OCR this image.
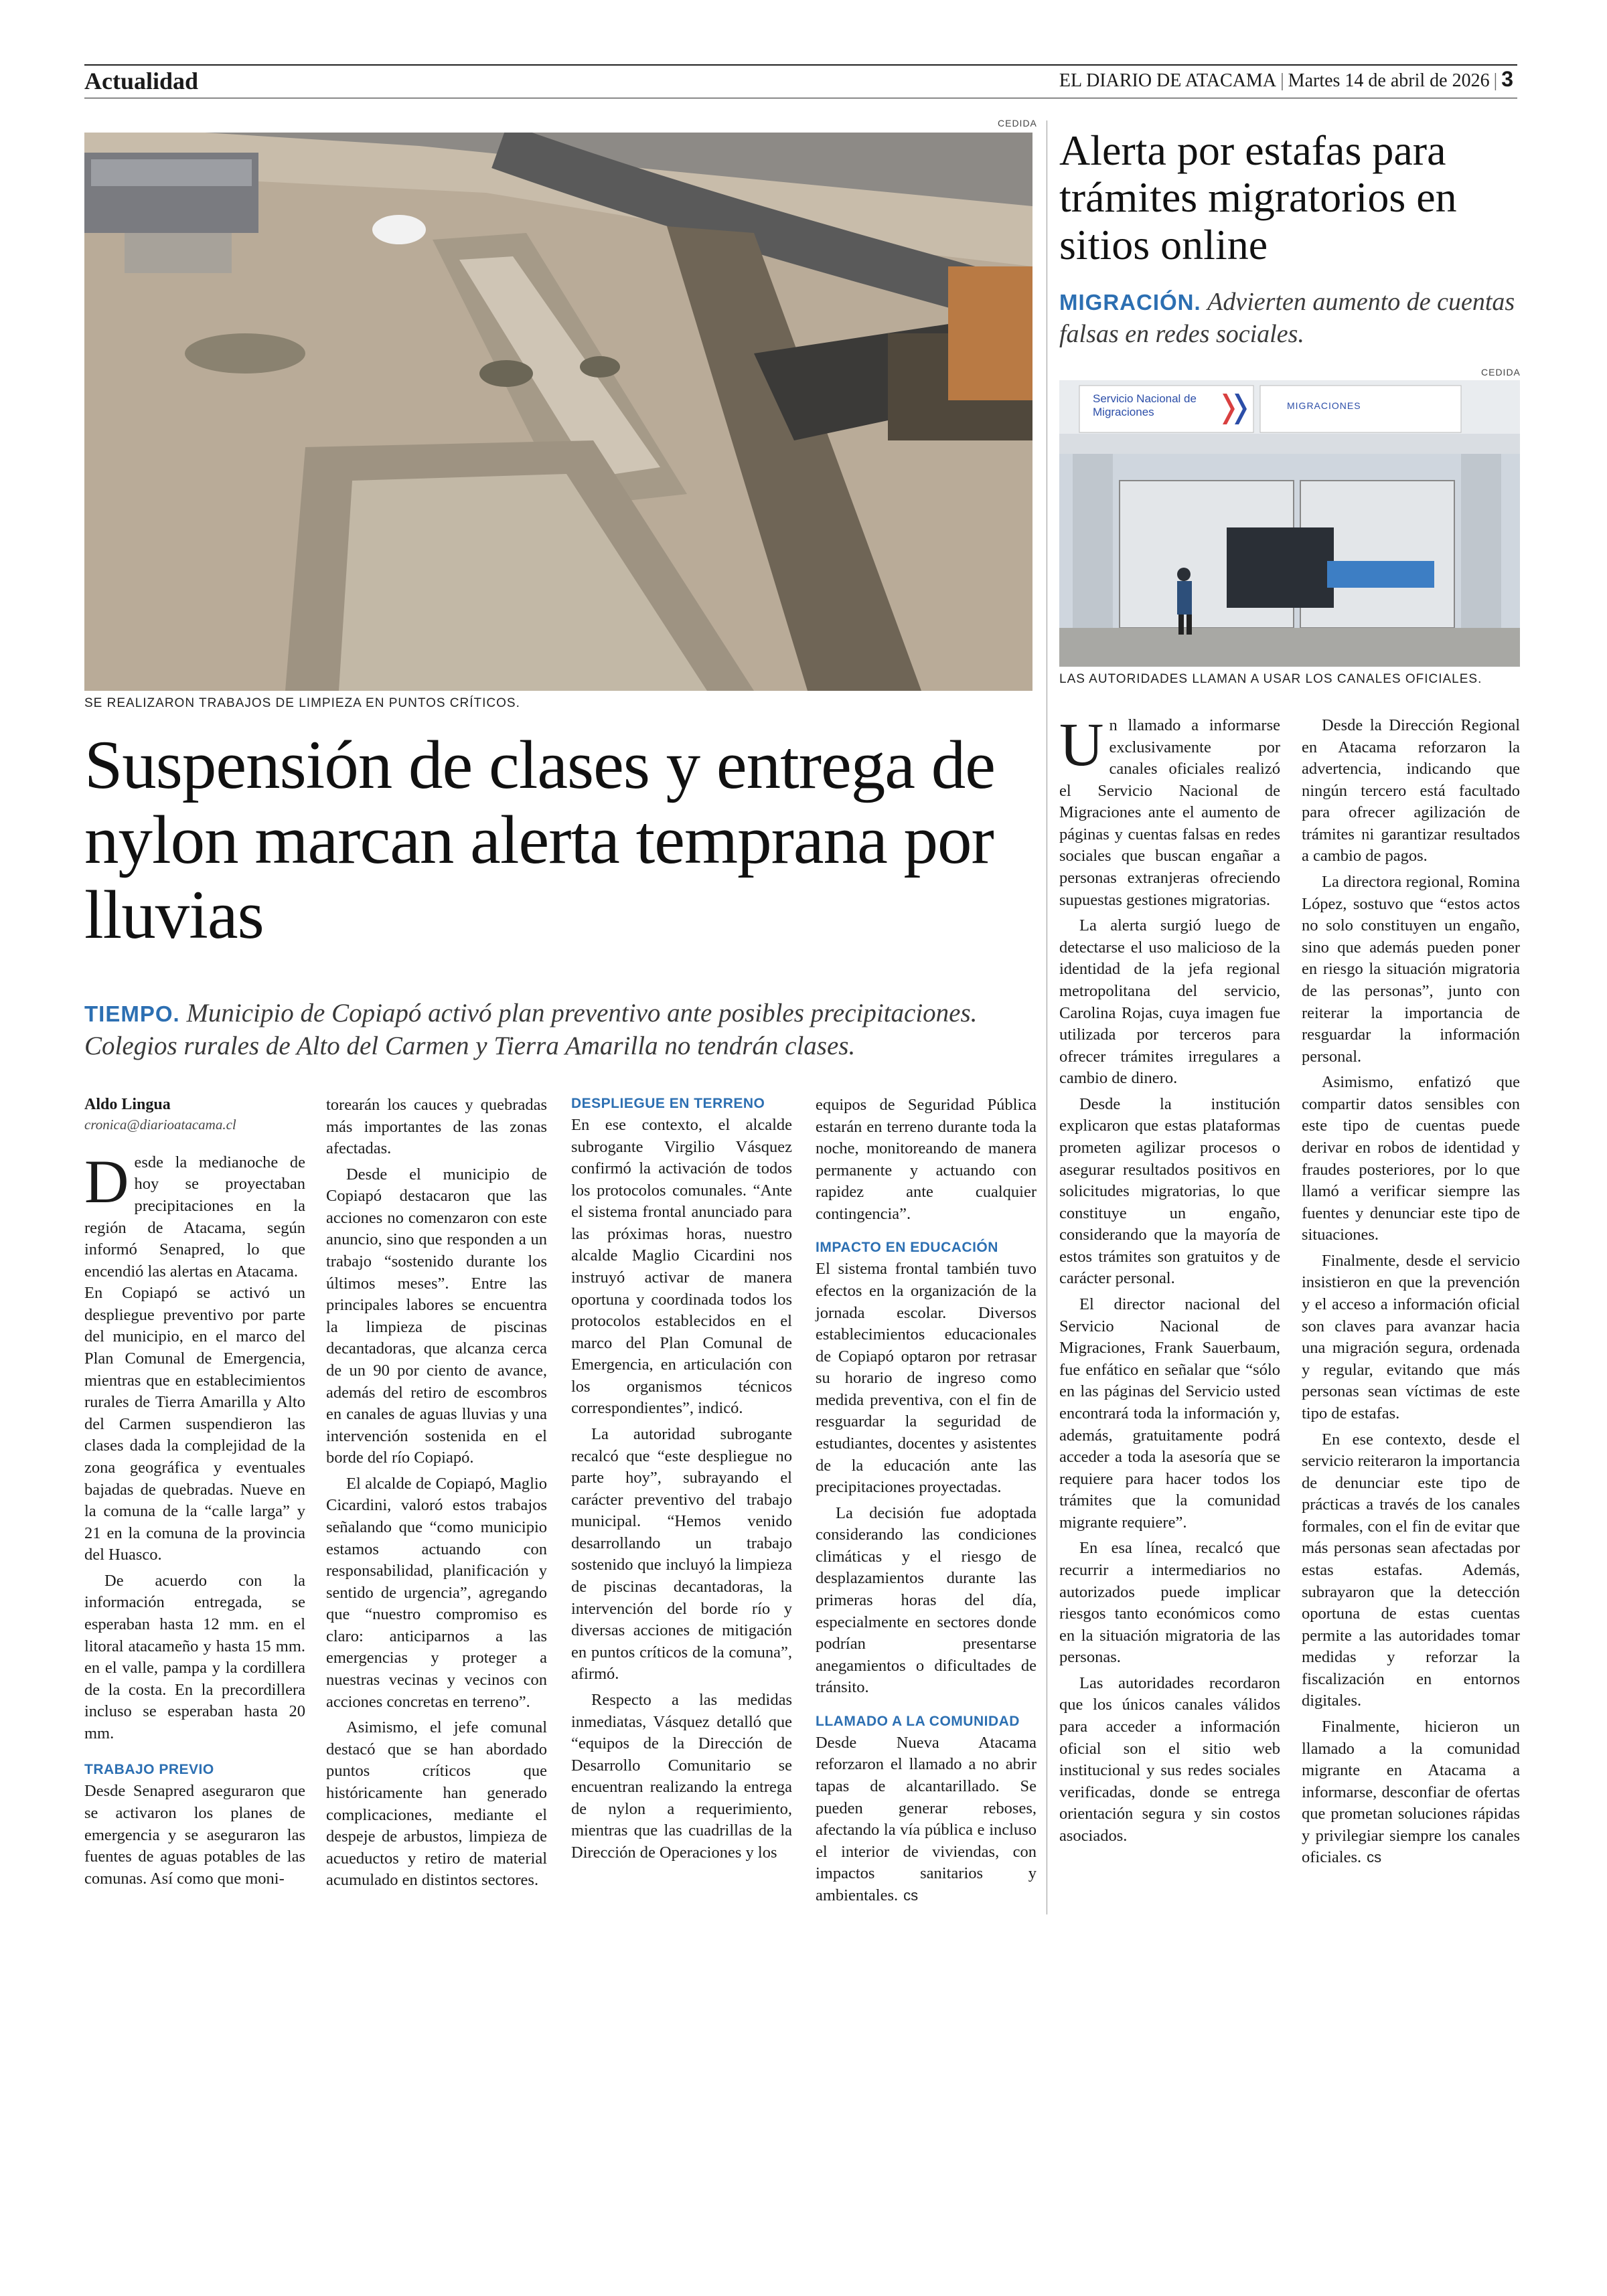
Actualidad	EL DIARIO DE ATACAMA | Martes 14 de abril de 2026 | 3
CEDIDA
SE REALIZARON TRABAJOS DE LIMPIEZA EN PUNTOS CRÍTICOS.
Suspensión de clases y entrega de nylon marcan alerta temprana por lluvias
TIEMPO. Municipio de Copiapó activó plan preventivo ante posibles precipitaciones.
Colegios rurales de Alto del Carmen y Tierra Amarilla no tendrán clases.
Aldo Lingua
cronica@diarioatacama.cl

Desde la medianoche de hoy se proyectaban precipitaciones en la región de Atacama, según informó Senapred, lo que encendió las alertas en Atacama.

En Copiapó se activó un despliegue preventivo por parte del municipio, en el marco del Plan Comunal de Emergencia, mientras que en establecimientos rurales de Tierra Amarilla y Alto del Carmen suspendieron las clases dada la complejidad de la zona geográfica y eventuales bajadas de quebradas. Nueve en la comuna de la “calle larga” y 21 en la comuna de la provincia del Huasco.

De acuerdo con la información entregada, se esperaban hasta 12 mm. en el litoral atacameño y hasta 15 mm. en el valle, pampa y la cordillera de la costa. En la precordillera incluso se esperaban hasta 20 mm.

TRABAJO PREVIO

Desde Senapred aseguraron que se activaron los planes de emergencia y se aseguraron las fuentes de aguas potables de las comunas. Así como que moni-

torearán los cauces y quebradas más importantes de las zonas afectadas.

Desde el municipio de Copiapó destacaron que las acciones no comenzaron con este anuncio, sino que responden a un trabajo “sostenido durante los últimos meses”. Entre las principales labores se encuentra la limpieza de piscinas decantadoras, que alcanza cerca de un 90 por ciento de avance, además del retiro de escombros en canales de aguas lluvias y una intervención sostenida en el borde del río Copiapó.

El alcalde de Copiapó, Maglio Cicardini, valoró estos trabajos señalando que “como municipio estamos actuando con responsabilidad, planificación y sentido de urgencia”, agregando que “nuestro compromiso es claro: anticiparnos a las emergencias y proteger a nuestras vecinas y vecinos con acciones concretas en terreno”.

Asimismo, el jefe comunal destacó que se han abordado puntos críticos que históricamente han generado complicaciones, mediante el despeje de arbustos, limpieza de acueductos y retiro de material acumulado en distintos sectores.

DESPLIEGUE EN TERRENO

En ese contexto, el alcalde subrogante Virgilio Vásquez confirmó la activación de todos los protocolos comunales. “Ante el sistema frontal anunciado para las próximas horas, nuestro alcalde Maglio Cicardini nos instruyó activar de manera oportuna y coordinada todos los protocolos establecidos en el marco del Plan Comunal de Emergencia, en articulación con los organismos técnicos correspondientes”, indicó.

La autoridad subrogante recalcó que “este despliegue no parte hoy”, subrayando el carácter preventivo del trabajo municipal. “Hemos venido desarrollando un trabajo sostenido que incluyó la limpieza de piscinas decantadoras, la intervención del borde río y diversas acciones de mitigación en puntos críticos de la comuna”, afirmó.

Respecto a las medidas inmediatas, Vásquez detalló que “equipos de la Dirección de Desarrollo Comunitario se encuentran realizando la entrega de nylon a requerimiento, mientras que las cuadrillas de la Dirección de Operaciones y los

equipos de Seguridad Pública estarán en terreno durante toda la noche, monitoreando de manera permanente y actuando con rapidez ante cualquier contingencia”.

IMPACTO EN EDUCACIÓN

El sistema frontal también tuvo efectos en la organización de la jornada escolar. Diversos establecimientos educacionales de Copiapó optaron por retrasar su horario de ingreso como medida preventiva, con el fin de resguardar la seguridad de estudiantes, docentes y asistentes de la educación ante las precipitaciones proyectadas.

La decisión fue adoptada considerando las condiciones climáticas y el riesgo de desplazamientos durante las primeras horas del día, especialmente en sectores donde podrían presentarse anegamientos o dificultades de tránsito.

LLAMADO A LA COMUNIDAD

Desde Nueva Atacama reforzaron el llamado a no abrir tapas de alcantarillado. Se pueden generar reboses, afectando la vía pública e incluso el interior de viviendas, con impactos sanitarios y ambientales. cs

Alerta por estafas para trámites migratorios en sitios online
MIGRACIÓN. Advierten aumento de cuentas falsas en redes sociales.
CEDIDA
Servicio Nacional de Migraciones
MIGRACIONES
LAS AUTORIDADES LLAMAN A USAR LOS CANALES OFICIALES.

Un llamado a informarse exclusivamente por canales oficiales realizó el Servicio Nacional de Migraciones ante el aumento de páginas y cuentas falsas en redes sociales que buscan engañar a personas extranjeras ofreciendo supuestas gestiones migratorias.

La alerta surgió luego de detectarse el uso malicioso de la identidad de la jefa regional metropolitana del servicio, Carolina Rojas, cuya imagen fue utilizada por terceros para ofrecer trámites irregulares a cambio de dinero.

Desde la institución explicaron que estas plataformas prometen agilizar procesos o asegurar resultados positivos en solicitudes migratorias, lo que constituye un engaño, considerando que la mayoría de estos trámites son gratuitos y de carácter personal.

El director nacional del Servicio Nacional de Migraciones, Frank Sauerbaum, fue enfático en señalar que “sólo en las páginas del Servicio usted encontrará toda la información y, además, gratuitamente podrá acceder a toda la asesoría que se requiere para hacer todos los trámites que la comunidad migrante requiere”.

En esa línea, recalcó que recurrir a intermediarios no autorizados puede implicar riesgos tanto económicos como en la situación migratoria de las personas.

Las autoridades recordaron que los únicos canales válidos para acceder a información oficial son el sitio web institucional y sus redes sociales verificadas, donde se entrega orientación segura y sin costos asociados.

Desde la Dirección Regional en Atacama reforzaron la advertencia, indicando que ningún tercero está facultado para ofrecer agilización de trámites ni garantizar resultados a cambio de pagos.

La directora regional, Romina López, sostuvo que “estos actos no solo constituyen un engaño, sino que además pueden poner en riesgo la situación migratoria de las personas”, junto con reiterar la importancia de resguardar la información personal.

Asimismo, enfatizó que compartir datos sensibles con este tipo de cuentas puede derivar en robos de identidad y fraudes posteriores, por lo que llamó a verificar siempre las fuentes y denunciar este tipo de situaciones.

Finalmente, desde el servicio insistieron en que la prevención y el acceso a información oficial son claves para avanzar hacia una migración segura, ordenada y regular, evitando que más personas sean víctimas de este tipo de estafas.

En ese contexto, desde el servicio reiteraron la importancia de denunciar este tipo de prácticas a través de los canales formales, con el fin de evitar que más personas sean afectadas por estas estafas. Además, subrayaron que la detección oportuna de estas cuentas permite a las autoridades tomar medidas y reforzar la fiscalización en entornos digitales.

Finalmente, hicieron un llamado a la comunidad migrante en Atacama a informarse, desconfiar de ofertas que prometan soluciones rápidas y privilegiar siempre los canales oficiales. cs
